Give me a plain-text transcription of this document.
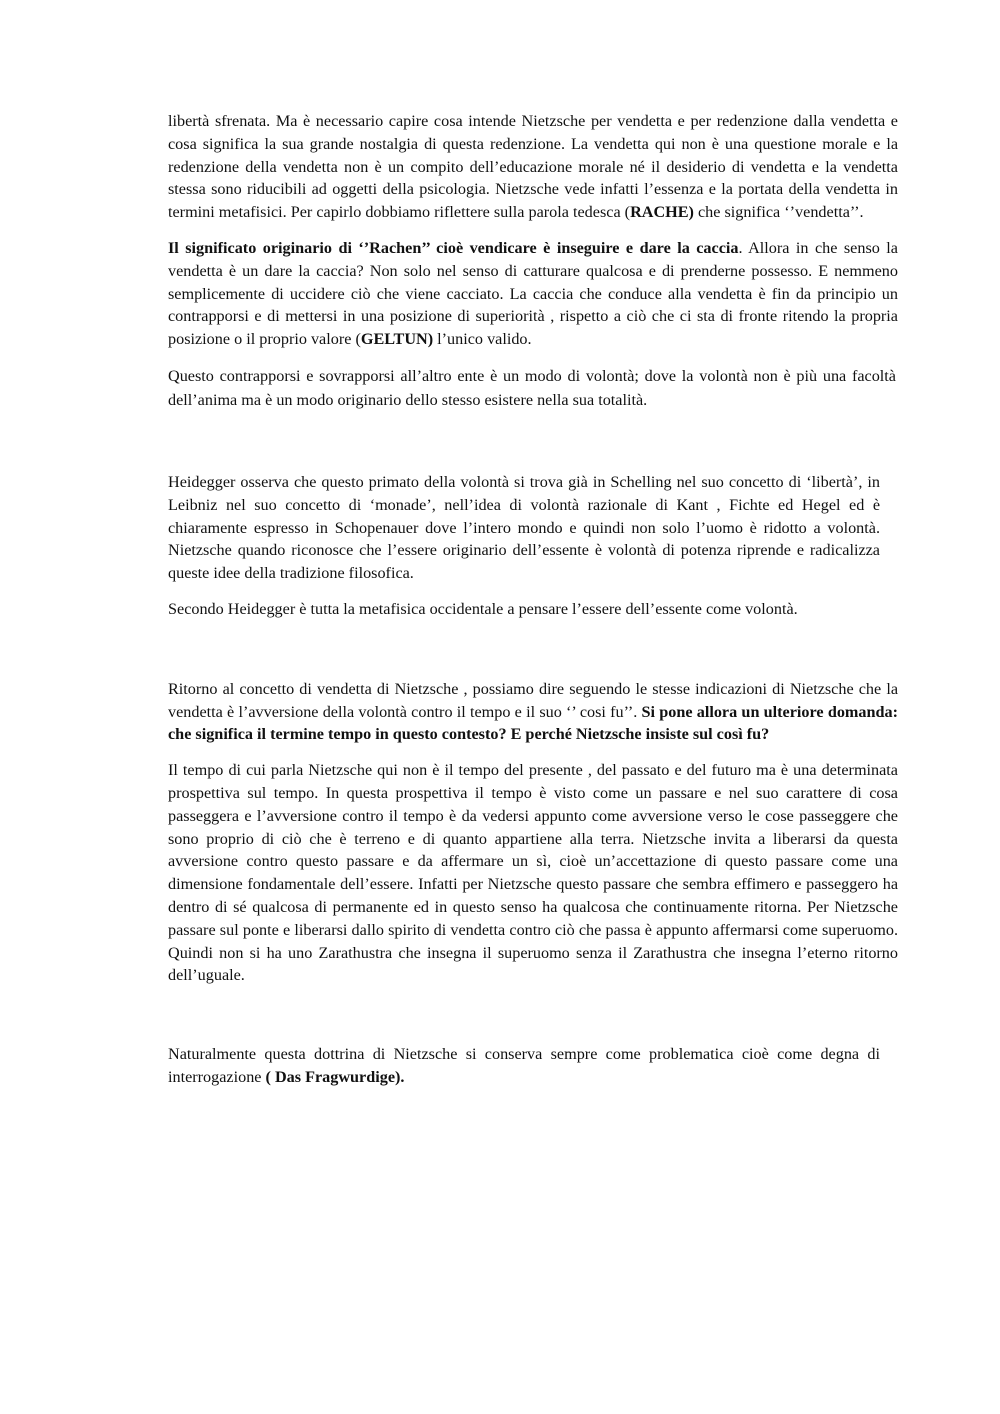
libertà sfrenata. Ma è necessario capire cosa intende Nietzsche per vendetta e per redenzione dalla vendetta e cosa significa la sua grande nostalgia di questa redenzione. La vendetta qui non è una questione morale e la redenzione della vendetta non è un compito dell’educazione morale né il desiderio di vendetta e la vendetta stessa sono riducibili ad oggetti della psicologia. Nietzsche vede infatti l’essenza e la portata della vendetta in termini metafisici. Per capirlo dobbiamo riflettere sulla parola tedesca (RACHE) che significa ‘’vendetta’’.

Il significato originario di ‘’Rachen’’ cioè vendicare è inseguire e dare la caccia. Allora in che senso la vendetta è un dare la caccia? Non solo nel senso di catturare qualcosa e di prenderne possesso. E nemmeno semplicemente di uccidere ciò che viene cacciato. La caccia che conduce alla vendetta è fin da principio un contrapporsi e di mettersi in una posizione di superiorità , rispetto a ciò che ci sta di fronte ritendo la propria posizione o il proprio valore (GELTUN) l’unico valido.

Questo contrapporsi e sovrapporsi all’altro ente è un modo di volontà; dove la volontà non è più una facoltà dell’anima ma è un modo originario dello stesso esistere nella sua totalità.

Heidegger osserva che questo primato della volontà si trova già in Schelling nel suo concetto di ‘libertà’, in Leibniz nel suo concetto di ‘monade’, nell’idea di volontà razionale di Kant , Fichte ed Hegel ed è chiaramente espresso in Schopenauer dove l’intero mondo e quindi non solo l’uomo è ridotto a volontà. Nietzsche quando riconosce che l’essere originario dell’essente è volontà di potenza riprende e radicalizza queste idee della tradizione filosofica.

Secondo Heidegger è tutta la metafisica occidentale a pensare l’essere dell’essente come volontà.

Ritorno al concetto di vendetta di Nietzsche , possiamo dire seguendo le stesse indicazioni di Nietzsche che la vendetta è l’avversione della volontà contro il tempo e il suo ‘’ cosi fu’’. Si pone allora un ulteriore domanda: che significa il termine tempo in questo contesto? E perché Nietzsche insiste sul così fu?

Il tempo di cui parla Nietzsche qui non è il tempo del presente , del passato e del futuro ma è una determinata prospettiva sul tempo. In questa prospettiva il tempo è visto come un passare e nel suo carattere di cosa passeggera e l’avversione contro il tempo è da vedersi appunto come avversione verso le cose passeggere che sono proprio di ciò che è terreno e di quanto appartiene alla terra. Nietzsche invita a liberarsi da questa avversione contro questo passare e da affermare un sì, cioè un’accettazione di questo passare come una dimensione fondamentale dell’essere. Infatti per Nietzsche questo passare che sembra effimero e passeggero ha dentro di sé qualcosa di permanente ed in questo senso ha qualcosa che continuamente ritorna. Per Nietzsche passare sul ponte e liberarsi dallo spirito di vendetta contro ciò che passa è appunto affermarsi come superuomo. Quindi non si ha uno Zarathustra che insegna il superuomo senza il Zarathustra che insegna l’eterno ritorno dell’uguale.

Naturalmente questa dottrina di Nietzsche si conserva sempre come problematica cioè come degna di interrogazione ( Das Fragwurdige).
